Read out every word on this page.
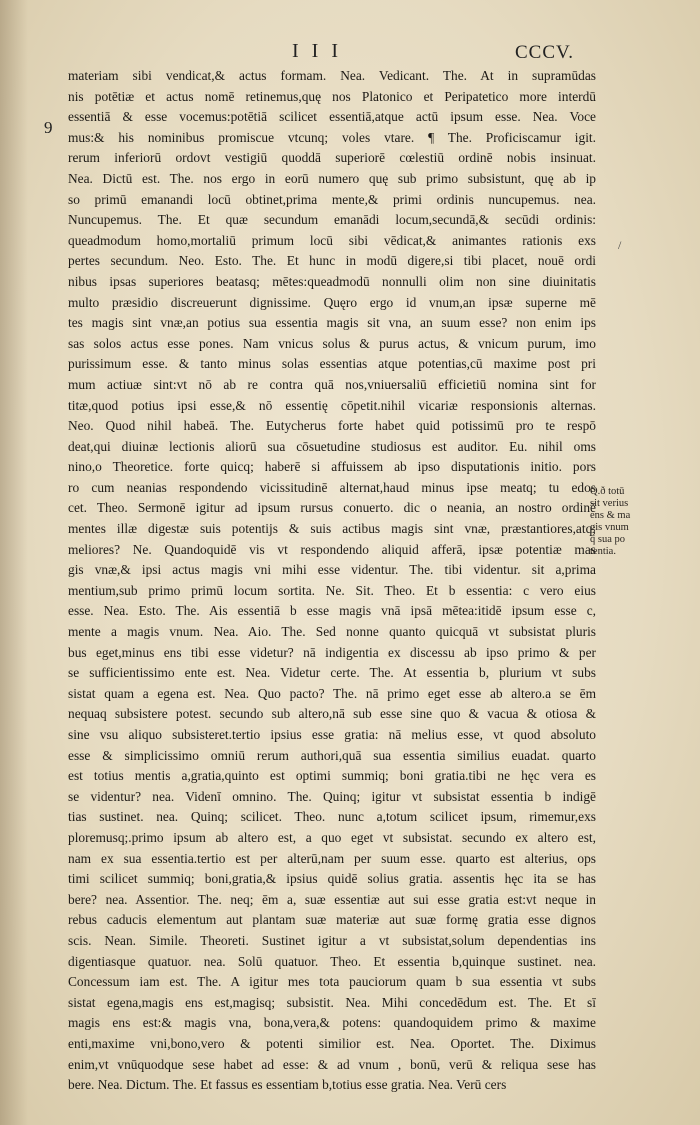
I I I	CCCV.
9
/
Q.ð totū
sit verius
ens & ma
gis vnum
q̄ sua po
tentia.
materiam sibi vendicat,& actus formam. Nea. Vedicant. The. At in supramūdas
nis potētiæ et actus nomē retinemus,quę nos Platonico et Peripatetico more interdū
essentiā & esse vocemus:potētiā scilicet essentiā,atque actū ipsum esse. Nea. Voce
mus:& his nominibus promiscue vtcunq; voles vtare. ¶ The. Proficiscamur igit.
rerum inferiorū ordovt vestigiū quoddā superiorē cœlestiū ordinē nobis insinuat.
Nea. Dictū est. The. nos ergo in eorū numero quę sub primo subsistunt, quę ab ip
so primū emanandi locū obtinet,prima mente,& primi ordinis nuncupemus. nea.
Nuncupemus. The. Et quæ secundum emanādi locum,secundā,& secūdi ordinis:
queadmodum homo,mortaliū primum locū sibi vēdicat,& animantes rationis exs
pertes secundum. Neo. Esto. The. Et hunc in modū digere,si tibi placet, nouē ordi
nibus ipsas superiores beatasq; mētes:queadmodū nonnulli olim non sine diuinitatis
multo præsidio discreuerunt dignissime. Quęro ergo id vnum,an ipsæ superne mē
tes magis sint vnæ,an potius sua essentia magis sit vna, an suum esse? non enim ips
sas solos actus esse pones. Nam vnicus solus & purus actus, & vnicum purum, imo
purissimum esse. & tanto minus solas essentias atque potentias,cū maxime post pri
mum actiuæ sint:vt nō ab re contra quā nos,vniuersaliū efficietiū nomina sint for
titæ,quod potius ipsi esse,& nō essentię cōpetit.nihil vicariæ responsionis alternas.
Neo. Quod nihil habeā. The. Eutycherus forte habet quid potissimū pro te respō
deat,qui diuinæ lectionis aliorū sua cōsuetudine studiosus est auditor. Eu. nihil oms
nino,o Theoretice. forte quicq; haberē si affuissem ab ipso disputationis initio. pors
ro cum neanias respondendo vicissitudinē alternat,haud minus ipse meatq; tu edos
cet. Theo. Sermonē igitur ad ipsum rursus conuerto. dic o neania, an nostro ordinē
mentes illæ digestæ suis potentijs & suis actibus magis sint vnæ, præstantiores,atq;
meliores? Ne. Quandoquidē vis vt respondendo aliquid afferā, ipsæ potentiæ mas
gis vnæ,& ipsi actus magis vni mihi esse videntur. The. tibi videntur. sit a,prima
mentium,sub primo primū locum sortita. Ne. Sit. Theo. Et b essentia: c vero eius
esse. Nea. Esto. The. Ais essentiā b esse magis vnā ipsā mētea:itidē ipsum esse c,
mente a magis vnum. Nea. Aio. The. Sed nonne quanto quicquā vt subsistat pluris
bus eget,minus ens tibi esse videtur? nā indigentia ex discessu ab ipso primo & per
se sufficientissimo ente est. Nea. Videtur certe. The. At essentia b, plurium vt subs
sistat quam a egena est. Nea. Quo pacto? The. nā primo eget esse ab altero.a se ēm
nequaq subsistere potest. secundo sub altero,nā sub esse sine quo & vacua & otiosa &
sine vsu aliquo subsisteret.tertio ipsius esse gratia: nā melius esse, vt quod absoluto
esse & simplicissimo omniū rerum authori,quā sua essentia similius euadat. quarto
est totius mentis a,gratia,quinto est optimi summiq; boni gratia.tibi ne hęc vera es
se videntur? nea. Videnī omnino. The. Quinq; igitur vt subsistat essentia b indigē
tias sustinet. nea. Quinq; scilicet. Theo. nunc a,totum scilicet ipsum, rimemur,exs
ploremusq;.primo ipsum ab altero est, a quo eget vt subsistat. secundo ex altero est,
nam ex sua essentia.tertio est per alterū,nam per suum esse. quarto est alterius, ops
timi scilicet summiq; boni,gratia,& ipsius quidē solius gratia. assentis hęc ita se has
bere? nea. Assentior. The. neq; ēm a, suæ essentiæ aut sui esse gratia est:vt neque in
rebus caducis elementum aut plantam suæ materiæ aut suæ formę gratia esse dignos
scis. Nean. Simile. Theoreti. Sustinet igitur a vt subsistat,solum dependentias ins
digentiasque quatuor. nea. Solū quatuor. Theo. Et essentia b,quinque sustinet. nea.
Concessum iam est. The. A igitur mes tota pauciorum quam b sua essentia vt subs
sistat egena,magis ens est,magisq; subsistit. Nea. Mihi concedēdum est. The. Et sī
magis ens est:& magis vna, bona,vera,& potens: quandoquidem primo & maxime
enti,maxime vni,bono,vero & potenti similior est. Nea. Oportet. The. Diximus
enim,vt vnūquodque sese habet ad esse: & ad vnum , bonū, verū & reliqua sese has
bere. Nea. Dictum. The. Et fassus es essentiam b,totius esse gratia. Nea. Verū cers
